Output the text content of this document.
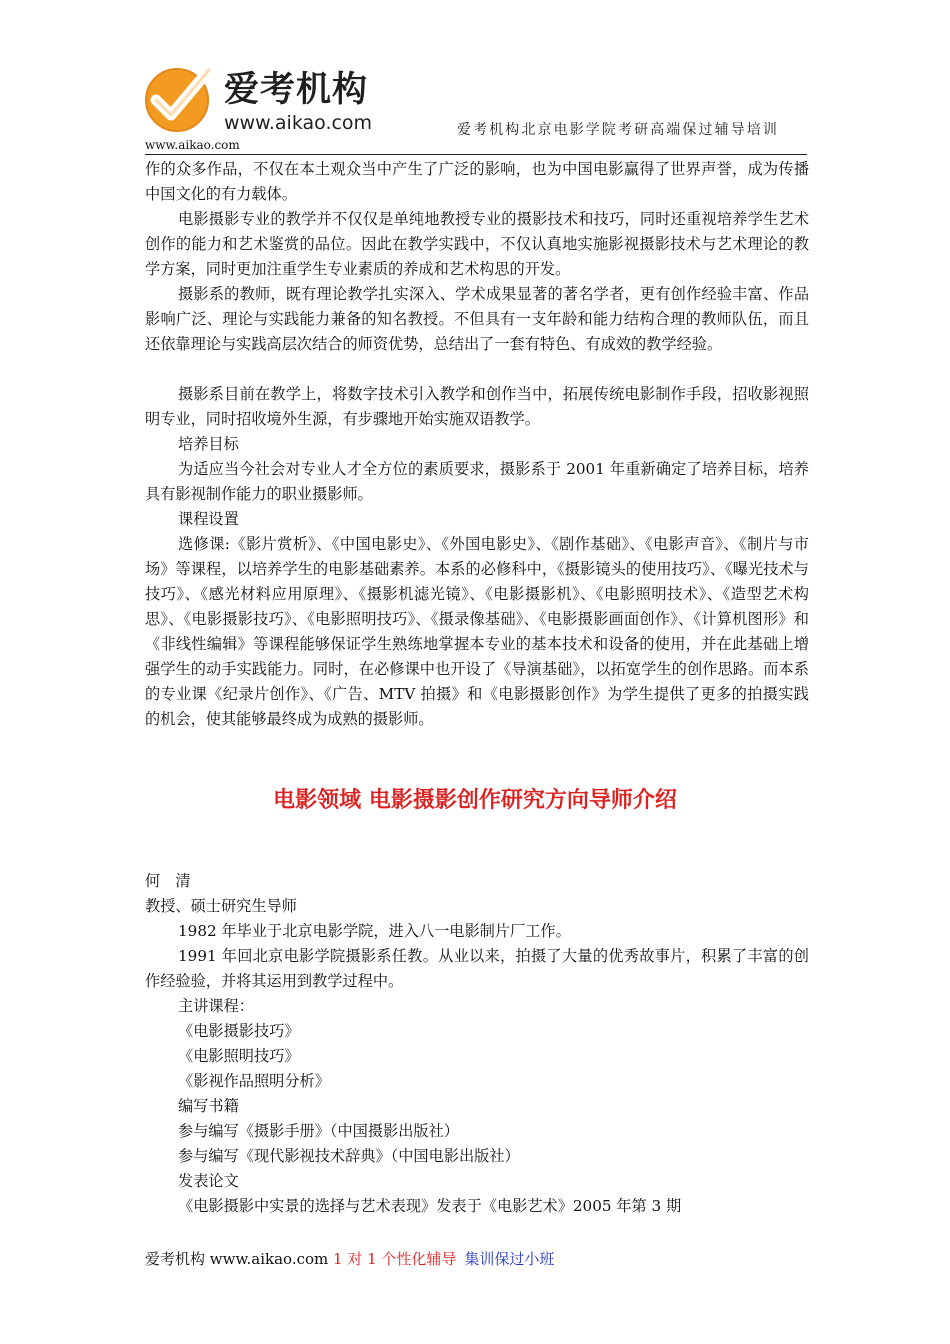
爱考机构
www.aikao.com	爱考机构北京电影学院考研高端保过辅导培训
www.aikao.com

作的众多作品，不仅在本土观众当中产生了广泛的影响，也为中国电影赢得了世界声誉，成为传播中国文化的有力载体。

电影摄影专业的教学并不仅仅是单纯地教授专业的摄影技术和技巧，同时还重视培养学生艺术创作的能力和艺术鉴赏的品位。因此在教学实践中，不仅认真地实施影视摄影技术与艺术理论的教学方案，同时更加注重学生专业素质的养成和艺术构思的开发。

摄影系的教师，既有理论教学扎实深入、学术成果显著的著名学者，更有创作经验丰富、作品影响广泛、理论与实践能力兼备的知名教授。不但具有一支年龄和能力结构合理的教师队伍，而且还依靠理论与实践高层次结合的师资优势，总结出了一套有特色、有成效的教学经验。

摄影系目前在教学上，将数字技术引入教学和创作当中，拓展传统电影制作手段，招收影视照明专业，同时招收境外生源，有步骤地开始实施双语教学。

培养目标

为适应当今社会对专业人才全方位的素质要求，摄影系于 2001 年重新确定了培养目标，培养具有影视制作能力的职业摄影师。

课程设置

选修课:《影片赏析》、《中国电影史》、《外国电影史》、《剧作基础》、《电影声音》、《制片与市场》等课程，以培养学生的电影基础素养。本系的必修科中，《摄影镜头的使用技巧》、《曝光技术与技巧》、《感光材料应用原理》、《摄影机滤光镜》、《电影摄影机》、《电影照明技术》、《造型艺术构思》、《电影摄影技巧》、《电影照明技巧》、《摄录像基础》、《电影摄影画面创作》、《计算机图形》和《非线性编辑》等课程能够保证学生熟练地掌握本专业的基本技术和设备的使用，并在此基础上增强学生的动手实践能力。同时，在必修课中也开设了《导演基础》，以拓宽学生的创作思路。而本系的专业课《纪录片创作》、《广告、MTV 拍摄》和《电影摄影创作》为学生提供了更多的拍摄实践的机会，使其能够最终成为成熟的摄影师。

电影领域 电影摄影创作研究方向导师介绍

何　清

教授、硕士研究生导师

1982 年毕业于北京电影学院，进入八一电影制片厂工作。

1991 年回北京电影学院摄影系任教。从业以来，拍摄了大量的优秀故事片，积累了丰富的创作经验验，并将其运用到教学过程中。

主讲课程：

《电影摄影技巧》

《电影照明技巧》

《影视作品照明分析》

编写书籍

参与编写《摄影手册》（中国摄影出版社）

参与编写《现代影视技术辞典》（中国电影出版社）

发表论文

《电影摄影中实景的选择与艺术表现》发表于《电影艺术》2005 年第 3 期

爱考机构 www.aikao.com 1 对 1 个性化辅导 集训保过小班
